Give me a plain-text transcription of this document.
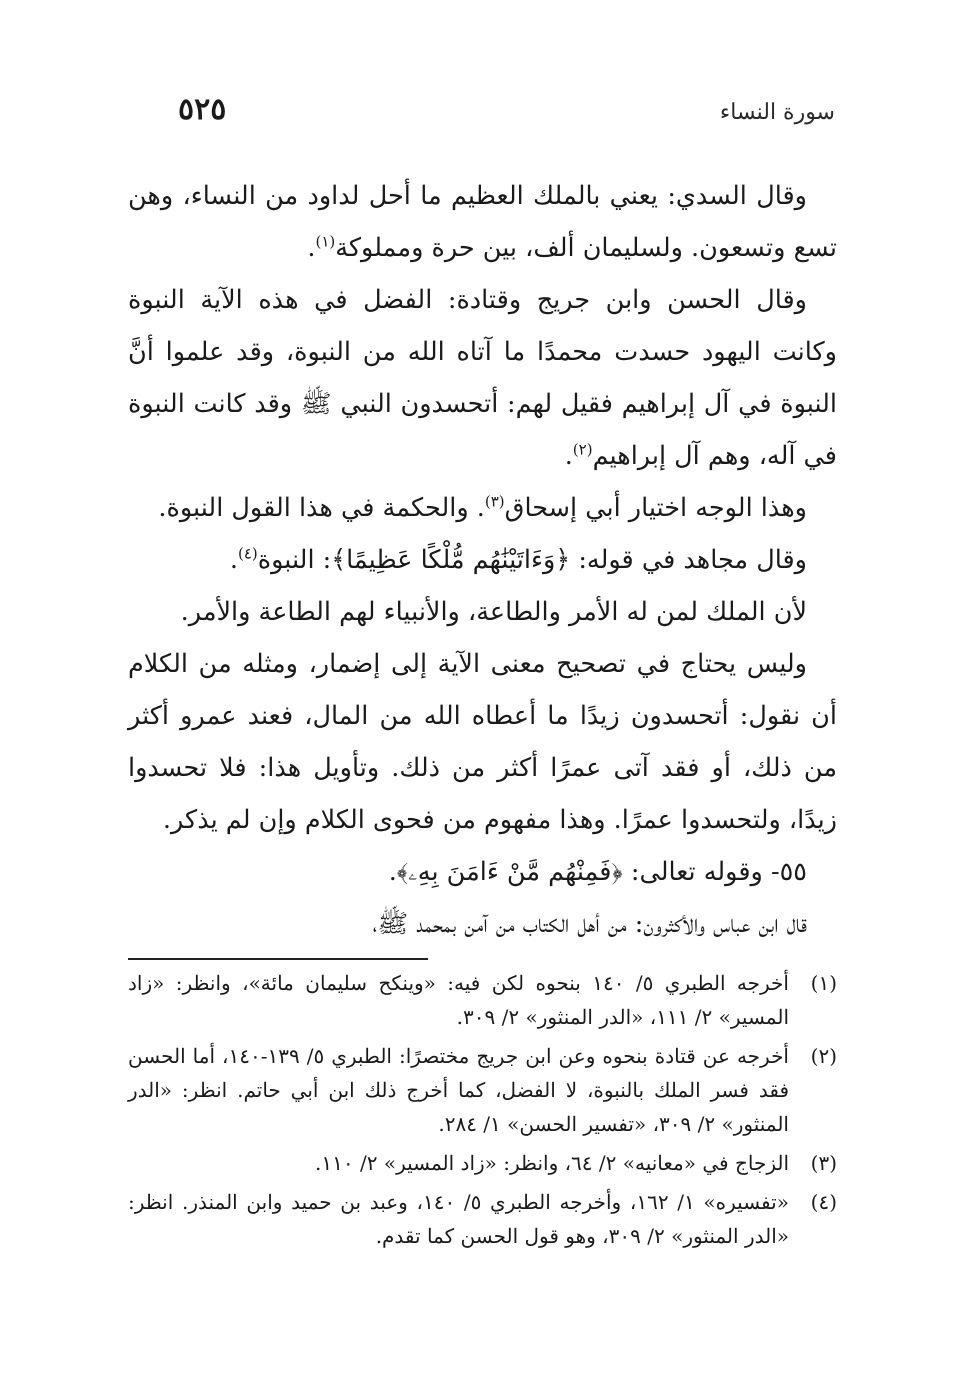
سورة النساء
٥٢٥

وقال السدي: يعني بالملك العظيم ما أحل لداود من النساء، وهن تسع وتسعون. ولسليمان ألف، بين حرة ومملوكة$^{(١)}$.

وقال الحسن وابن جريج وقتادة: الفضل في هذه الآية النبوة وكانت اليهود حسدت محمدًا ما آتاه الله من النبوة، وقد علموا أنَّ النبوة في آل إبراهيم فقيل لهم: أتحسدون النبي ﷺ وقد كانت النبوة في آله، وهم آل إبراهيم$^{(٢)}$.

وهذا الوجه اختيار أبي إسحاق$^{(٣)}$. والحكمة في هذا القول النبوة.

وقال مجاهد في قوله: ﴿وَءَاتَيْنَٰهُم مُّلْكًا عَظِيمًا﴾: النبوة$^{(٤)}$.

لأن الملك لمن له الأمر والطاعة، والأنبياء لهم الطاعة والأمر.

وليس يحتاج في تصحيح معنى الآية إلى إضمار، ومثله من الكلام أن نقول: أتحسدون زيدًا ما أعطاه الله من المال، فعند عمرو أكثر من ذلك، أو فقد آتى عمرًا أكثر من ذلك. وتأويل هذا: فلا تحسدوا زيدًا، ولتحسدوا عمرًا. وهذا مفهوم من فحوى الكلام وإن لم يذكر.

٥٥- وقوله تعالى: ﴿فَمِنْهُم مَّنْ ءَامَنَ بِهِۦ﴾.

قال ابن عباس والأكثرون: من أهل الكتاب من آمن بمحمد ﷺ،

(١)
أخرجه الطبري ٥/ ١٤٠ بنحوه لكن فيه: «وينكح سليمان مائة»، وانظر: «زاد المسير» ٢/ ١١١، «الدر المنثور» ٢/ ٣٠٩.
(٢)
أخرجه عن قتادة بنحوه وعن ابن جريج مختصرًا: الطبري ٥/ ١٣٩-١٤٠، أما الحسن فقد فسر الملك بالنبوة، لا الفضل، كما أخرج ذلك ابن أبي حاتم. انظر: «الدر المنثور» ٢/ ٣٠٩، «تفسير الحسن» ١/ ٢٨٤.
(٣)
الزجاج في «معانيه» ٢/ ٦٤، وانظر: «زاد المسير» ٢/ ١١٠.
(٤)
«تفسيره» ١/ ١٦٢، وأخرجه الطبري ٥/ ١٤٠، وعبد بن حميد وابن المنذر. انظر: «الدر المنثور» ٢/ ٣٠٩، وهو قول الحسن كما تقدم.
